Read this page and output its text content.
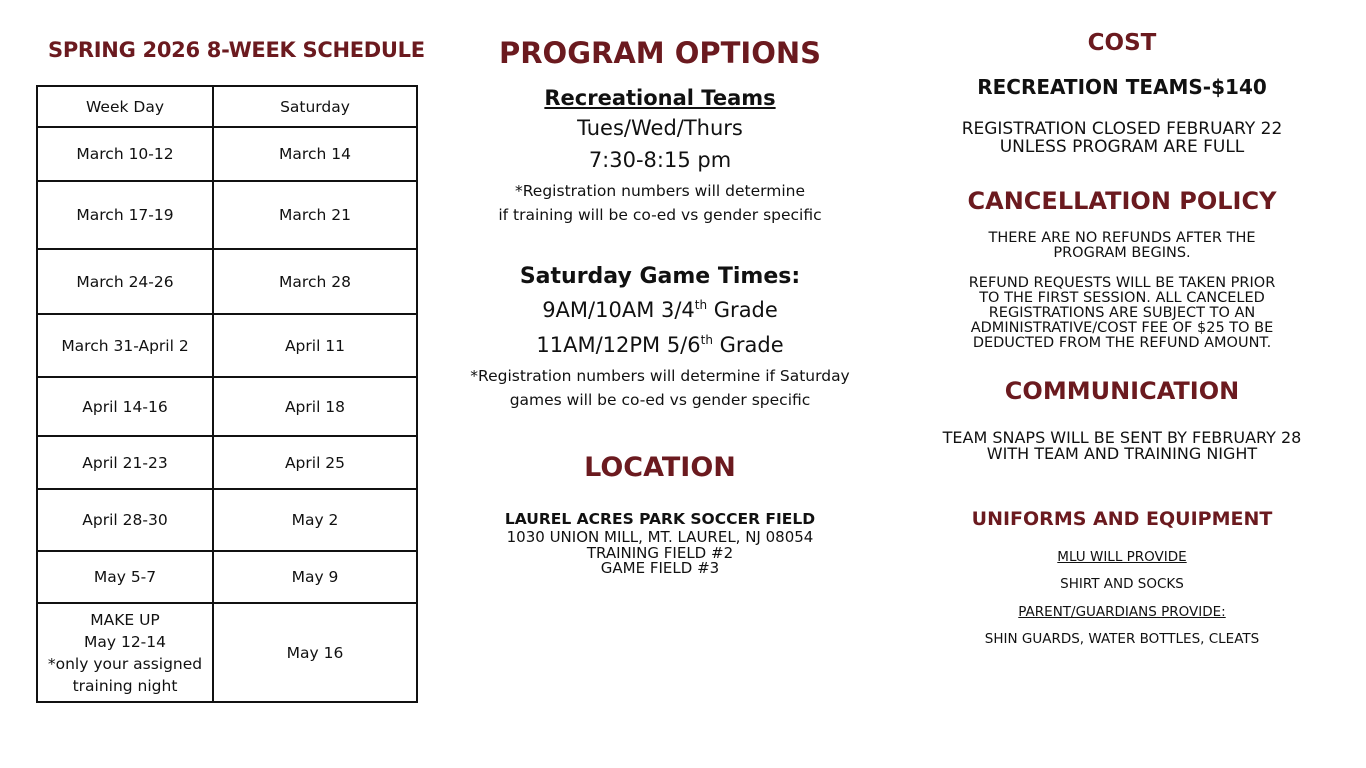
SPRING 2026 8-WEEK SCHEDULE
Week Day	Saturday
March 10-12	March 14
March 17-19	March 21
March 24-26	March 28
March 31-April 2	April 11
April 14-16	April 18
April 21-23	April 25
April 28-30	May 2
May 5-7	May 9

MAKE UP
May 12-14
*only your assigned
training night	May 16
PROGRAM OPTIONS
Recreational Teams
Tues/Wed/Thurs
7:30-8:15 pm
*Registration numbers will determine
if training will be co-ed vs gender specific
Saturday Game Times:
9AM/10AM 3/4th Grade
11AM/12PM 5/6th Grade
*Registration numbers will determine if Saturday
games will be co-ed vs gender specific
LOCATION
LAUREL ACRES PARK SOCCER FIELD
1030 UNION MILL, MT. LAUREL, NJ 08054
TRAINING FIELD #2
GAME FIELD #3
COST
RECREATION TEAMS-$140
REGISTRATION CLOSED FEBRUARY 22
UNLESS PROGRAM ARE FULL
CANCELLATION POLICY
THERE ARE NO REFUNDS AFTER THE
PROGRAM BEGINS.
REFUND REQUESTS WILL BE TAKEN PRIOR
TO THE FIRST SESSION. ALL CANCELED
REGISTRATIONS ARE SUBJECT TO AN
ADMINISTRATIVE/COST FEE OF $25 TO BE
DEDUCTED FROM THE REFUND AMOUNT.
COMMUNICATION
TEAM SNAPS WILL BE SENT BY FEBRUARY 28
WITH TEAM AND TRAINING NIGHT
UNIFORMS AND EQUIPMENT
MLU WILL PROVIDE
SHIRT AND SOCKS
PARENT/GUARDIANS PROVIDE:
SHIN GUARDS, WATER BOTTLES, CLEATS
